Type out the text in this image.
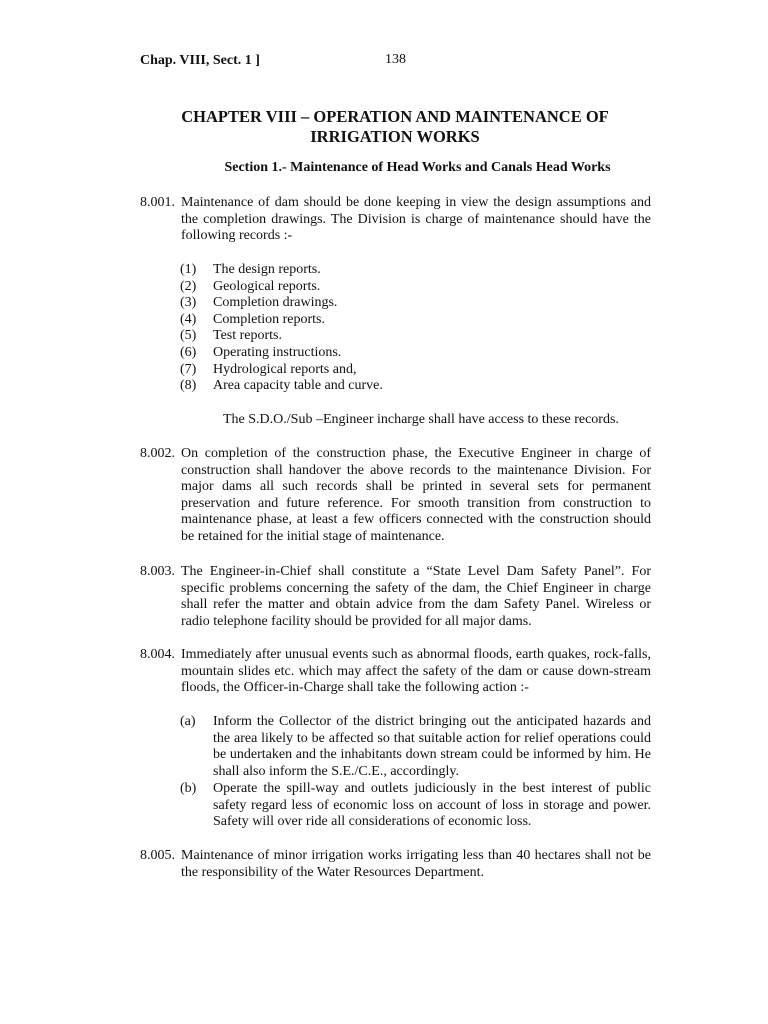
Chap. VIII, Sect. 1 ]	138
CHAPTER VIII – OPERATION AND MAINTENANCE OF
IRRIGATION WORKS
Section 1.- Maintenance of Head Works and Canals Head Works
8.001. Maintenance of dam should be done keeping in view the design assumptions and the completion drawings. The Division is charge of maintenance should have the following records :-
(1) The design reports.
(2) Geological reports.
(3) Completion drawings.
(4) Completion reports.
(5) Test reports.
(6) Operating instructions.
(7) Hydrological reports and,
(8) Area capacity table and curve.
The S.D.O./Sub –Engineer incharge shall have access to these records.
8.002. On completion of the construction phase, the Executive Engineer in charge of construction shall handover the above records to the maintenance Division. For major dams all such records shall be printed in several sets for permanent preservation and future reference. For smooth transition from construction to maintenance phase, at least a few officers connected with the construction should be retained for the initial stage of maintenance.
8.003. The Engineer-in-Chief shall constitute a “State Level Dam Safety Panel”. For specific problems concerning the safety of the dam, the Chief Engineer in charge shall refer the matter and obtain advice from the dam Safety Panel. Wireless or radio telephone facility should be provided for all major dams.
8.004. Immediately after unusual events such as abnormal floods, earth quakes, rock-falls, mountain slides etc. which may affect the safety of the dam or cause down-stream floods, the Officer-in-Charge shall take the following action :-
(a) Inform the Collector of the district bringing out the anticipated hazards and the area likely to be affected so that suitable action for relief operations could be undertaken and the inhabitants down stream could be informed by him. He shall also inform the S.E./C.E., accordingly.
(b) Operate the spill-way and outlets judiciously in the best interest of public safety regard less of economic loss on account of loss in storage and power. Safety will over ride all considerations of economic loss.
8.005. Maintenance of minor irrigation works irrigating less than 40 hectares shall not be the responsibility of the Water Resources Department.
